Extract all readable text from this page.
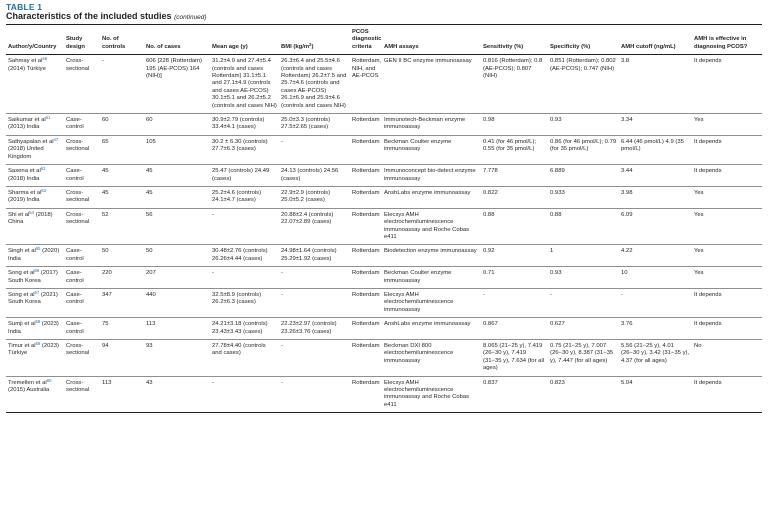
TABLE 1
Characteristics of the included studies (continued)
Author/y/Country	Study design	No. of controls	No. of cases	Mean age (y)	BMI $(kg/m^2)$	PCOS diagnostic criteria	AMH assays	Sensitivity (%)	Specificity (%)	AMH cutoff (ng/mL)	AMH is effective in diagnosing PCOS?
Sahmay et $al^{46}$ (2014) Türkiye	Cross-sectional	-	606 [228 (Rotterdam) 195 (AE-PCOS) 164 (NIH)]	31.2±4.9 and 27.4±5.4 (controls and cases Rotterdam) 31.1±5.1 and 27.1±4.9 (controls and cases AE-PCOS) 30.1±5.1 and 26.2±5.2 (controls and cases NIH)	26.3±6.4 and 25.5±4.6 (controls and cases Rotterdam) 26.2±7.5 and 25.7±4.6 (controls and cases AE-PCOS) 26.1±6.9 and 25.9±4.6 (controls and cases NIH)	Rotterdam, NIH, and AE-PCOS	GEN II BC enzyme immunoassay	0.816 (Rotterdam); 0.8 (AE-PCOS); 0.807 (NIH)	0.851 (Rotterdam); 0.802 (AE-PCOS); 0.747 (NIH)	3.8	It depends
Saikumar et $al^{51}$ (2013) India	Case-control	60	60	30.9±2.79 (controls) 33.4±4.1 (cases)	25.0±3.3 (controls) 27.5±2.65 (cases)	Rotterdam	Immunotech-Beckman enzyme immunoassay	0.98	0.93	3.34	Yes
Sathyapalan et $al^{47}$ (2018) United Kingdom	Cross-sectional	65	105	30.2 ± 6.30 (controls) 27.7±6.3 (cases)	-	Rotterdam	Beckman Coulter enzyme immunoassay	0.41 (for 46 pmol/L); 0.55 (for 35 pmol/L)	0.86 (for 46 pmol/L); 0.79 (for 35 pmol/L)	6.44 (46 pmol/L) 4.9 (35 pmol/L)	It depends
Saxena et $al^{52}$ (2018) India	Case-control	45	45	25.47 (controls) 24.49 (cases)	24.13 (controls) 24.56 (cases)	Rotterdam	Immunoconcept bio-detect enzyme immunoassay	7.778	6.889	3.44	It depends
Sharma et $al^{53}$ (2019) India	Cross-sectional	45	45	25.2±4.6 (controls) 24.1±4.7 (cases)	22.9±2.9 (controls) 25.0±5.2 (cases)	Rotterdam	AnshLabs enzyme immunoassay	0.822	0.933	3.98	Yes
Shi et $al^{54}$ (2018) China	Cross-sectional	52	56	-	20.88±2.4 (controls) 22.07±2.89 (cases)	Rotterdam	Elecsys AMH electrochemiluminescence immunoassay and Roche Cobas e411	0.88	0.88	6.09	Yes
Singh et $al^{55}$ (2020) India	Case-control	50	50	30.48±2.76 (controls) 26.26±4.44 (cases)	24.98±1.64 (controls) 25.29±1.92 (cases)	Rotterdam	Biodetection enzyme immunoassay	0.92	1	4.22	Yes
Song et $al^{56}$ (2017) South Korea	Case-control	220	207	-	-	Rotterdam	Beckman Coulter enzyme immunoassay	0.71	0.93	10	Yes
Song et $al^{57}$ (2021) South Korea	Case-control	347	440	32.5±8.9 (controls) 26.2±6.3 (cases)	-	Rotterdam	Elecsys AMH electrochemiluminescence immunoassay	-	-	-	It depends
Sumji et $al^{58}$ (2023) India	Case-control	75	113	24.21±3.18 (controls) 23.43±3.43 (cases)	22.23±2.97 (controls) 23.26±3.76 (cases)	Rotterdam	AnshLabs enzyme immunoassay	0.867	0.627	3.76	It depends
Timur et $al^{59}$ (2023) Türkiye	Cross-sectional	94	93	27.78±4.40 (controls and cases)	-	Rotterdam	Beckman DXI 800 electrochemiluminescence immunoassay	8.065 (21−25 y), 7.419 (26−30 y), 7.419 (31−35 y), 7.634 (for all ages)	0.75 (21−25 y), 7.007 (26−30 y), 8.387 (31−35 y), 7.447 (for all ages)	5.56 (21−25 y), 4.01 (26−30 y), 3.42 (31−35 y), 4.37 (for all ages)	No
Tremellen et $al^{60}$ (2015) Australia	Cross-sectional	113	43	-	-	Rotterdam	Elecsys AMH electrochemiluminescence immunoassay and Roche Cobas e411	0.837	0.823	5.04	It depends
